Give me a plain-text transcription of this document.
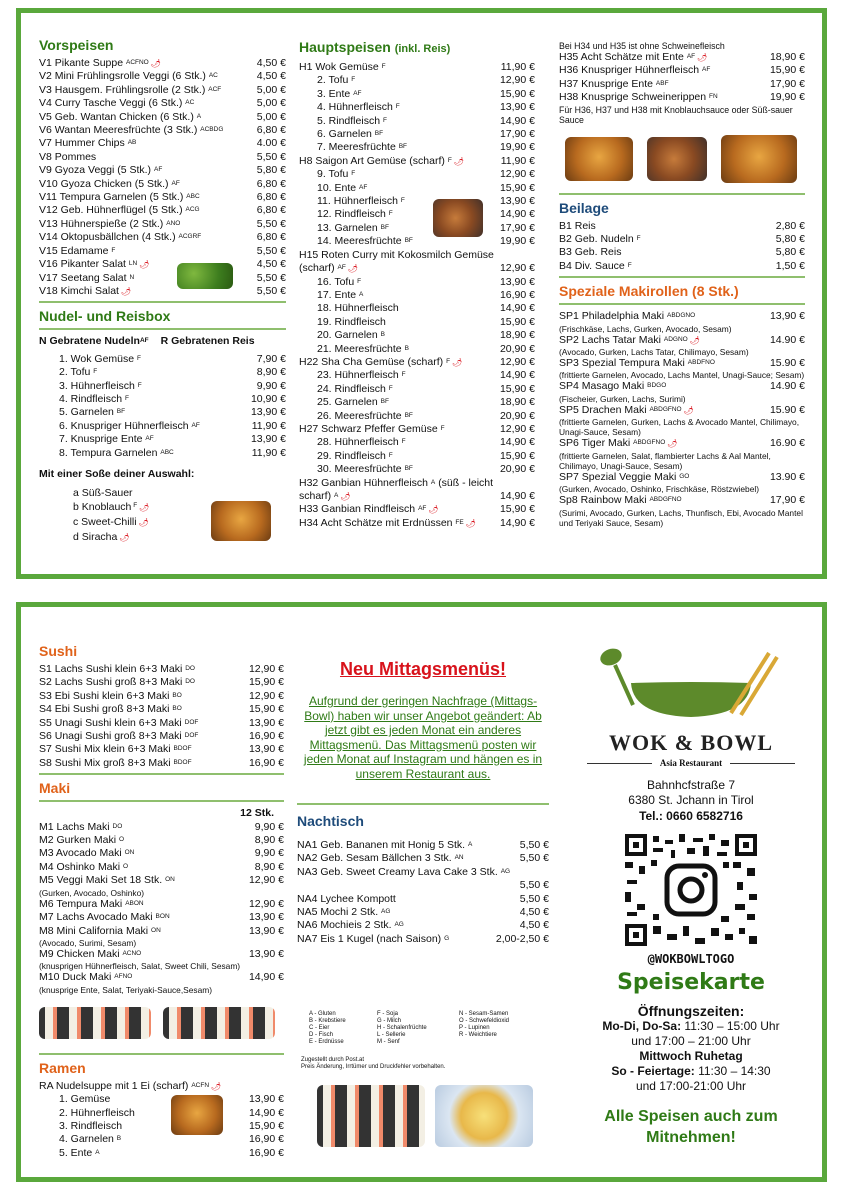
Vorspeisen
V1 Pikante Suppe $^{ACFNO}$ 🌶	4,50 €
V2 Mini Frühlingsrolle Veggi (6 Stk.) $^{AC}$	4,50 €
V3 Hausgem. Frühlingsrolle (2 Stk.) $^{ACF}$	5,00 €
V4 Curry Tasche Veggi (6 Stk.) $^{AC}$	5,00 €
V5 Geb. Wantan Chicken (6 Stk.) $^A$	5,00 €
V6 Wantan Meeresfrüchte (3 Stk.) $^{ACBDG}$	6,80 €
V7 Hummer Chips $^{AB}$	4.00 €
V8 Pommes	5,50 €
V9 Gyoza Veggi (5 Stk.) $^{AF}$	5,80 €
V10 Gyoza Chicken (5 Stk.) $^{AF}$	6,80 €
V11 Tempura Garnelen (5 Stk.) $^{ABC}$	6,80 €
V12 Geb. Hühnerflügel (5 Stk.) $^{ACG}$	6,80 €
V13 Hühnerspieße (2 Stk.) $^{ANO}$	5,50 €
V14 Oktopusbällchen (4 Stk.) $^{ACGRF}$	6,80 €
V15 Edamame $^F$	5,50 €
V16 Pikanter Salat $^{LN}$ 🌶	4,50 €
V17 Seetang Salat $^N$	5,50 €
V18 Kimchi Salat 🌶	5,50 €
Nudel- und Reisbox
N Gebratene Nudeln$^{AF}$ R Gebratenen Reis
1. Wok Gemüse $^F$	7,90 €
2. Tofu $^F$	8,90 €
3. Hühnerfleisch $^F$	9,90 €
4. Rindfleisch $^F$	10,90 €
5. Garnelen $^{BF}$	13,90 €
6. Knuspriger Hühnerfleisch $^{AF}$	11,90 €
7. Knusprige Ente $^{AF}$	13,90 €
8. Tempura Garnelen $^{ABC}$	11,90 €
Mit einer Soße deiner Auswahl:
a Süß-Sauer
b Knoblauch $^F$ 🌶
c Sweet-Chilli 🌶
d Siracha 🌶
Hauptspeisen (inkl. Reis)
H1 Wok Gemüse $^F$	11,90 €
2. Tofu $^F$	12,90 €
3. Ente $^{AF}$	15,90 €
4. Hühnerfleisch $^F$	13,90 €
5. Rindfleisch $^F$	14,90 €
6. Garnelen $^{BF}$	17,90 €
7. Meeresfrüchte $^{BF}$	19,90 €
H8 Saigon Art Gemüse (scharf) $^F$ 🌶	11,90 €
9. Tofu $^F$	12,90 €
10. Ente $^{AF}$	15,90 €
11. Hühnerfleisch $^F$	13,90 €
12. Rindfleisch $^F$	14,90 €
13. Garnelen $^{BF}$	17,90 €
14. Meeresfrüchte $^{BF}$	19,90 €
H15 Roten Curry mit Kokosmilch Gemüse
(scharf) $^{AF}$ 🌶	12,90 €
16. Tofu $^F$	13,90 €
17. Ente $^A$	16,90 €
18. Hühnerfleisch	14,90 €
19. Rindfleisch	15,90 €
20. Garnelen $^B$	18,90 €
21. Meeresfrüchte $^B$	20,90 €
H22 Sha Cha Gemüse (scharf) $^F$ 🌶	12,90 €
23. Hühnerfleisch $^F$	14,90 €
24. Rindfleisch $^F$	15,90 €
25. Garnelen $^{BF}$	18,90 €
26. Meeresfrüchte $^{BF}$	20,90 €
H27 Schwarz Pfeffer Gemüse $^F$	12,90 €
28. Hühnerfleisch $^F$	14,90 €
29. Rindfleisch $^F$	15,90 €
30. Meeresfrüchte $^{BF}$	20,90 €
H32 Ganbian Hühnerfleisch $^A$ (süß - leicht
scharf) $^A$ 🌶	14,90 €
H33 Ganbian Rindfleisch $^{AF}$ 🌶	15,90 €
H34 Acht Schätze mit Erdnüssen $^{FE}$ 🌶	14,90 €
Bei H34 und H35 ist ohne Schweinefleisch
H35 Acht Schätze mit Ente $^{AF}$ 🌶	18,90 €
H36 Knuspriger Hühnerfleisch $^{AF}$	15,90 €
H37 Knusprige Ente $^{ABF}$	17,90 €
H38 Knusprige Schweinerippen $^{FN}$	19,90 €
Für H36, H37 und H38 mit Knoblauchsauce oder Süß-sauer Sauce
Beilage
B1 Reis	2,80 €
B2 Geb. Nudeln $^F$	5,80 €
B3 Geb. Reis	5,80 €
B4 Div. Sauce $^F$	1,50 €
Speziale Makirollen (8 Stk.)
SP1 Philadelphia Maki $^{ABDGNO}$	13,90 €
(Frischkäse, Lachs, Gurken, Avocado, Sesam)
SP2 Lachs Tatar Maki $^{ADGNO}$ 🌶	14.90 €
(Avocado, Gurken, Lachs Tatar, Chilimayo, Sesam)
SP3 Spezial Tempura Maki $^{ABDFNO}$	15.90 €
(frittierte Garnelen, Avocado, Lachs Mantel, Unagi-Sauce; Sesam)
SP4 Masago Maki $^{BDGO}$	14.90 €
(Fischeier, Gurken, Lachs, Surimi)
SP5 Drachen Maki $^{ABDGFNO}$ 🌶	15.90 €
(frittierte Garnelen, Gurken, Lachs & Avocado Mantel, Chilimayo, Unagi-Sauce, Sesam)
SP6 Tiger Maki $^{ABDGFNO}$ 🌶	16.90 €
(frittierte Garnelen, Salat, flambierter Lachs & Aal Mantel, Chilimayo, Unagi-Sauce, Sesam)
SP7 Spezial Veggie Maki $^{GO}$	13.90 €
(Gurken, Avocado, Oshinko, Frischkäse, Röstzwiebel)
Sp8 Rainbow Maki $^{ABDGFNO}$	17,90 €
(Surimi, Avocado, Gurken, Lachs, Thunfisch, Ebi, Avocado Mantel und Teriyaki Sauce, Sesam)
Sushi
S1 Lachs Sushi klein 6+3 Maki $^{DO}$	12,90 €
S2 Lachs Sushi groß 8+3 Maki $^{DO}$	15,90 €
S3 Ebi Sushi klein 6+3 Maki $^{BO}$	12,90 €
S4 Ebi Sushi groß 8+3 Maki $^{BO}$	15,90 €
S5 Unagi Sushi klein 6+3 Maki $^{DOF}$	13,90 €
S6 Unagi Sushi groß 8+3 Maki $^{DOF}$	16,90 €
S7 Sushi Mix klein 6+3 Maki $^{BDOF}$	13,90 €
S8 Sushi Mix groß 8+3 Maki $^{BDOF}$	16,90 €
Maki
12 Stk.
M1 Lachs Maki $^{DO}$	9,90 €
M2 Gurken Maki $^O$	8,90 €
M3 Avocado Maki $^{ON}$	9,90 €
M4 Oshinko Maki $^O$	8,90 €
M5 Veggi Maki Set 18 Stk. $^{ON}$	12,90 €
(Gurken, Avocado, Oshinko)
M6 Tempura Maki $^{ABON}$	12,90 €
M7 Lachs Avocado Maki $^{BON}$	13,90 €
M8 Mini California Maki $^{ON}$	13,90 €
(Avocado, Surimi, Sesam)
M9 Chicken Maki $^{ACNO}$	13,90 €
(knusprigen Hühnerfleisch, Salat, Sweet Chili, Sesam)
M10 Duck Maki $^{AFNO}$	14,90 €
(knusprige Ente, Salat, Teriyaki-Sauce,Sesam)
Ramen
RA Nudelsuppe mit 1 Ei (scharf) $^{ACFN}$ 🌶
1. Gemüse	13,90 €
2. Hühnerfleisch	14,90 €
3. Rindfleisch	15,90 €
4. Garnelen $^B$	16,90 €
5. Ente $^A$	16,90 €
Neu Mittagsmenüs!
Aufgrund der geringen Nachfrage (Mittags-Bowl) haben wir unser Angebot geändert: Ab jetzt gibt es jeden Monat ein anderes Mittagsmenü. Das Mittagsmenü posten wir jeden Monat auf Instagram und hängen es in unserem Restaurant aus.
Nachtisch
NA1 Geb. Bananen mit Honig 5 Stk. $^A$	5,50 €
NA2 Geb. Sesam Bällchen 3 Stk. $^{AN}$	5,50 €
NA3 Geb. Sweet Creamy Lava Cake 3 Stk. $^{AG}$
5,50 €
NA4 Lychee Kompott	5,50 €
NA5 Mochi 2 Stk. $^{AG}$	4,50 €
NA6 Mochieis 2 Stk. $^{AG}$	4,50 €
NA7 Eis 1 Kugel (nach Saison) $^G$	2,00-2,50 €
A - Gluten
B - Krebstiere
C - Eier
D - Fisch
E - Erdnüsse
F - Soja
G - Milch
H - Schalenfrüchte
L - Sellerie
M - Senf
N - Sesam-Samen
O - Schwefeldioxid
P - Lupinen
R - Weichtiere
Zugestellt durch Post.at
Preis Änderung, Irrtümer und Druckfehler vorbehalten.
WOK & BOWL
Asia Restaurant
Bahnhcfstraße 7
6380 St. Jchann in Tirol
Tel.: 0660 6582716
@WOKBOWLTOGO
Speisekarte
Öffnungszeiten:
Mo-Di, Do-Sa: 11:30 – 15:00 Uhr
und 17:00 – 21:00 Uhr
Mittwoch Ruhetag
So - Feiertage: 11:30 – 14:30
und 17:00-21:00 Uhr
Alle Speisen auch zum Mitnehmen!
